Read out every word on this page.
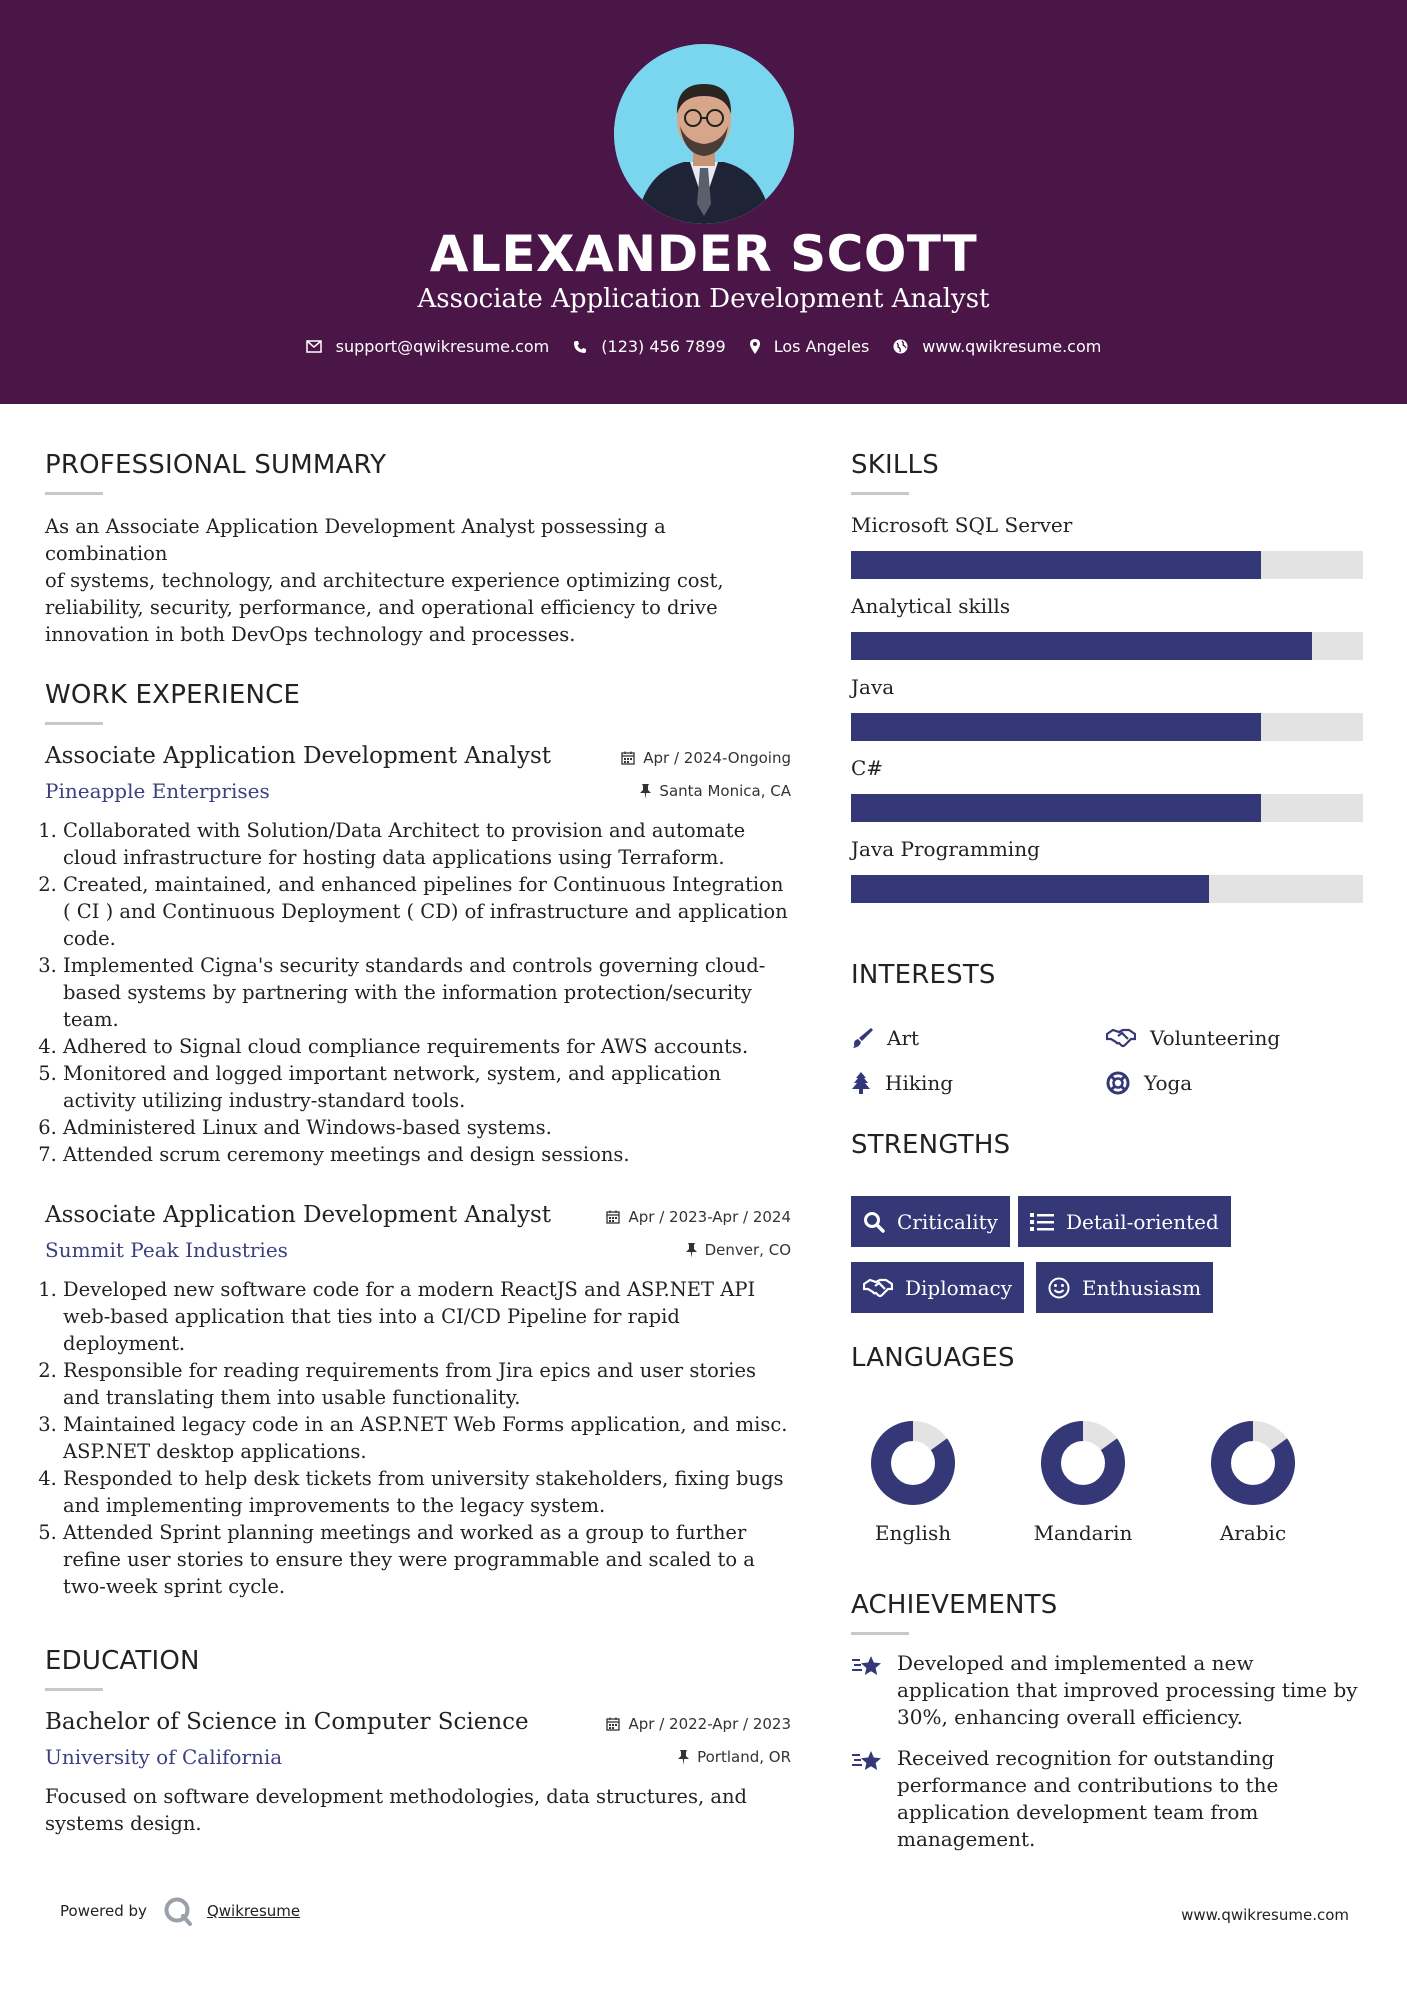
ALEXANDER SCOTT
Associate Application Development Analyst
support@qwikresume.com	(123) 456 7899	Los Angeles	www.qwikresume.com
PROFESSIONAL SUMMARY
As an Associate Application Development Analyst possessing a combination
of systems, technology, and architecture experience optimizing cost,
reliability, security, performance, and operational efficiency to drive
innovation in both DevOps technology and processes.
WORK EXPERIENCE
Associate Application Development Analyst
Pineapple Enterprises
Apr / 2024-Ongoing
Santa Monica, CA
1. Collaborated with Solution/Data Architect to provision and automate cloud infrastructure for hosting data applications using Terraform.
2. Created, maintained, and enhanced pipelines for Continuous Integration ( CI ) and Continuous Deployment ( CD) of infrastructure and application code.
3. Implemented Cigna's security standards and controls governing cloud-based systems by partnering with the information protection/security team.
4. Adhered to Signal cloud compliance requirements for AWS accounts.
5. Monitored and logged important network, system, and application activity utilizing industry-standard tools.
6. Administered Linux and Windows-based systems.
7. Attended scrum ceremony meetings and design sessions.
Associate Application Development Analyst
Summit Peak Industries
Apr / 2023-Apr / 2024
Denver, CO
1. Developed new software code for a modern ReactJS and ASP.NET API web-based application that ties into a CI/CD Pipeline for rapid deployment.
2. Responsible for reading requirements from Jira epics and user stories and translating them into usable functionality.
3. Maintained legacy code in an ASP.NET Web Forms application, and misc. ASP.NET desktop applications.
4. Responded to help desk tickets from university stakeholders, fixing bugs and implementing improvements to the legacy system.
5. Attended Sprint planning meetings and worked as a group to further refine user stories to ensure they were programmable and scaled to a two-week sprint cycle.
EDUCATION
Bachelor of Science in Computer Science
University of California
Apr / 2022-Apr / 2023
Portland, OR
Focused on software development methodologies, data structures, and systems design.
SKILLS
Microsoft SQL Server
Analytical skills
Java
C#
Java Programming
INTERESTS
Art	Volunteering
Hiking	Yoga
STRENGTHS
Criticality	Detail-oriented
Diplomacy	Enthusiasm
LANGUAGES
English	Mandarin	Arabic
ACHIEVEMENTS
Developed and implemented a new application that improved processing time by 30%, enhancing overall efficiency.
Received recognition for outstanding performance and contributions to the application development team from management.
Powered by	Qwikresume	www.qwikresume.com
